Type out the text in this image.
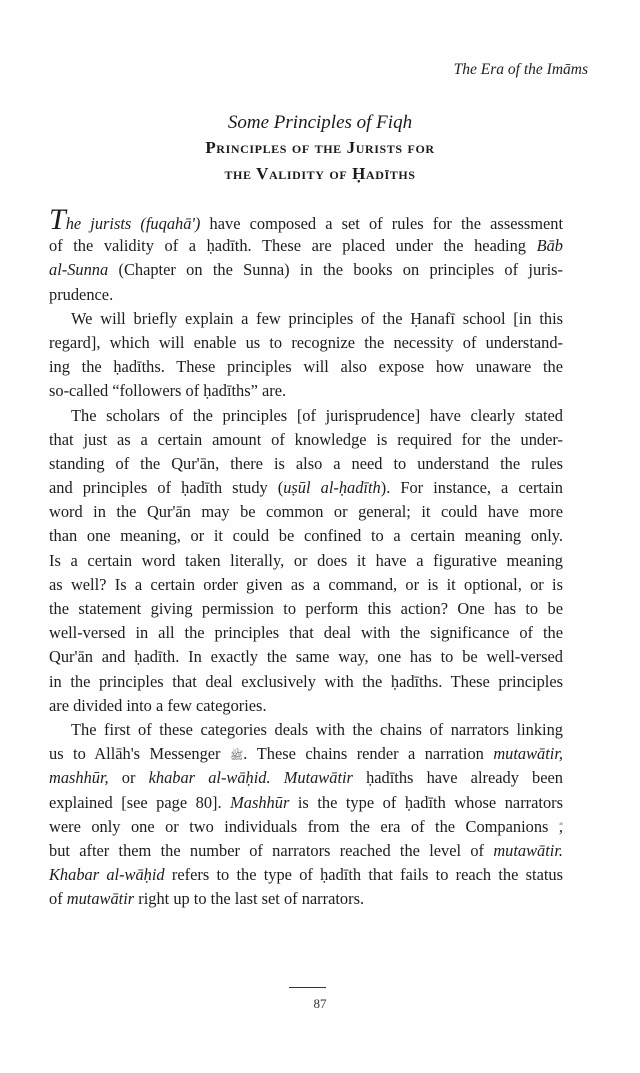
The Era of the Imāms
Some Principles of Fiqh
Principles of the Jurists for
the Validity of Ḥadīths
The jurists (fuqahā') have composed a set of rules for the assessment
of the validity of a ḥadīth. These are placed under the heading Bāb
al-Sunna (Chapter on the Sunna) in the books on principles of juris-
prudence.
We will briefly explain a few principles of the Ḥanafī school [in this
regard], which will enable us to recognize the necessity of understand-
ing the ḥadīths. These principles will also expose how unaware the
so-called “followers of ḥadīths” are.
The scholars of the principles [of jurisprudence] have clearly stated
that just as a certain amount of knowledge is required for the under-
standing of the Qur'ān, there is also a need to understand the rules
and principles of ḥadīth study (uṣūl al-ḥadīth). For instance, a certain
word in the Qur'ān may be common or general; it could have more
than one meaning, or it could be confined to a certain meaning only.
Is a certain word taken literally, or does it have a figurative meaning
as well? Is a certain order given as a command, or is it optional, or is
the statement giving permission to perform this action? One has to be
well-versed in all the principles that deal with the significance of the
Qur'ān and ḥadīth. In exactly the same way, one has to be well-versed
in the principles that deal exclusively with the ḥadīths. These principles
are divided into a few categories.
The first of these categories deals with the chains of narrators linking
us to Allāh's Messenger ﷺ. These chains render a narration mutawātir,
mashhūr, or khabar al-wāḥid. Mutawātir ḥadīths have already been
explained [see page 80]. Mashhūr is the type of ḥadīth whose narrators
were only one or two individuals from the era of the Companions ,
but after them the number of narrators reached the level of mutawātir.
Khabar al-wāḥid refers to the type of ḥadīth that fails to reach the status
of mutawātir right up to the last set of narrators.
87
